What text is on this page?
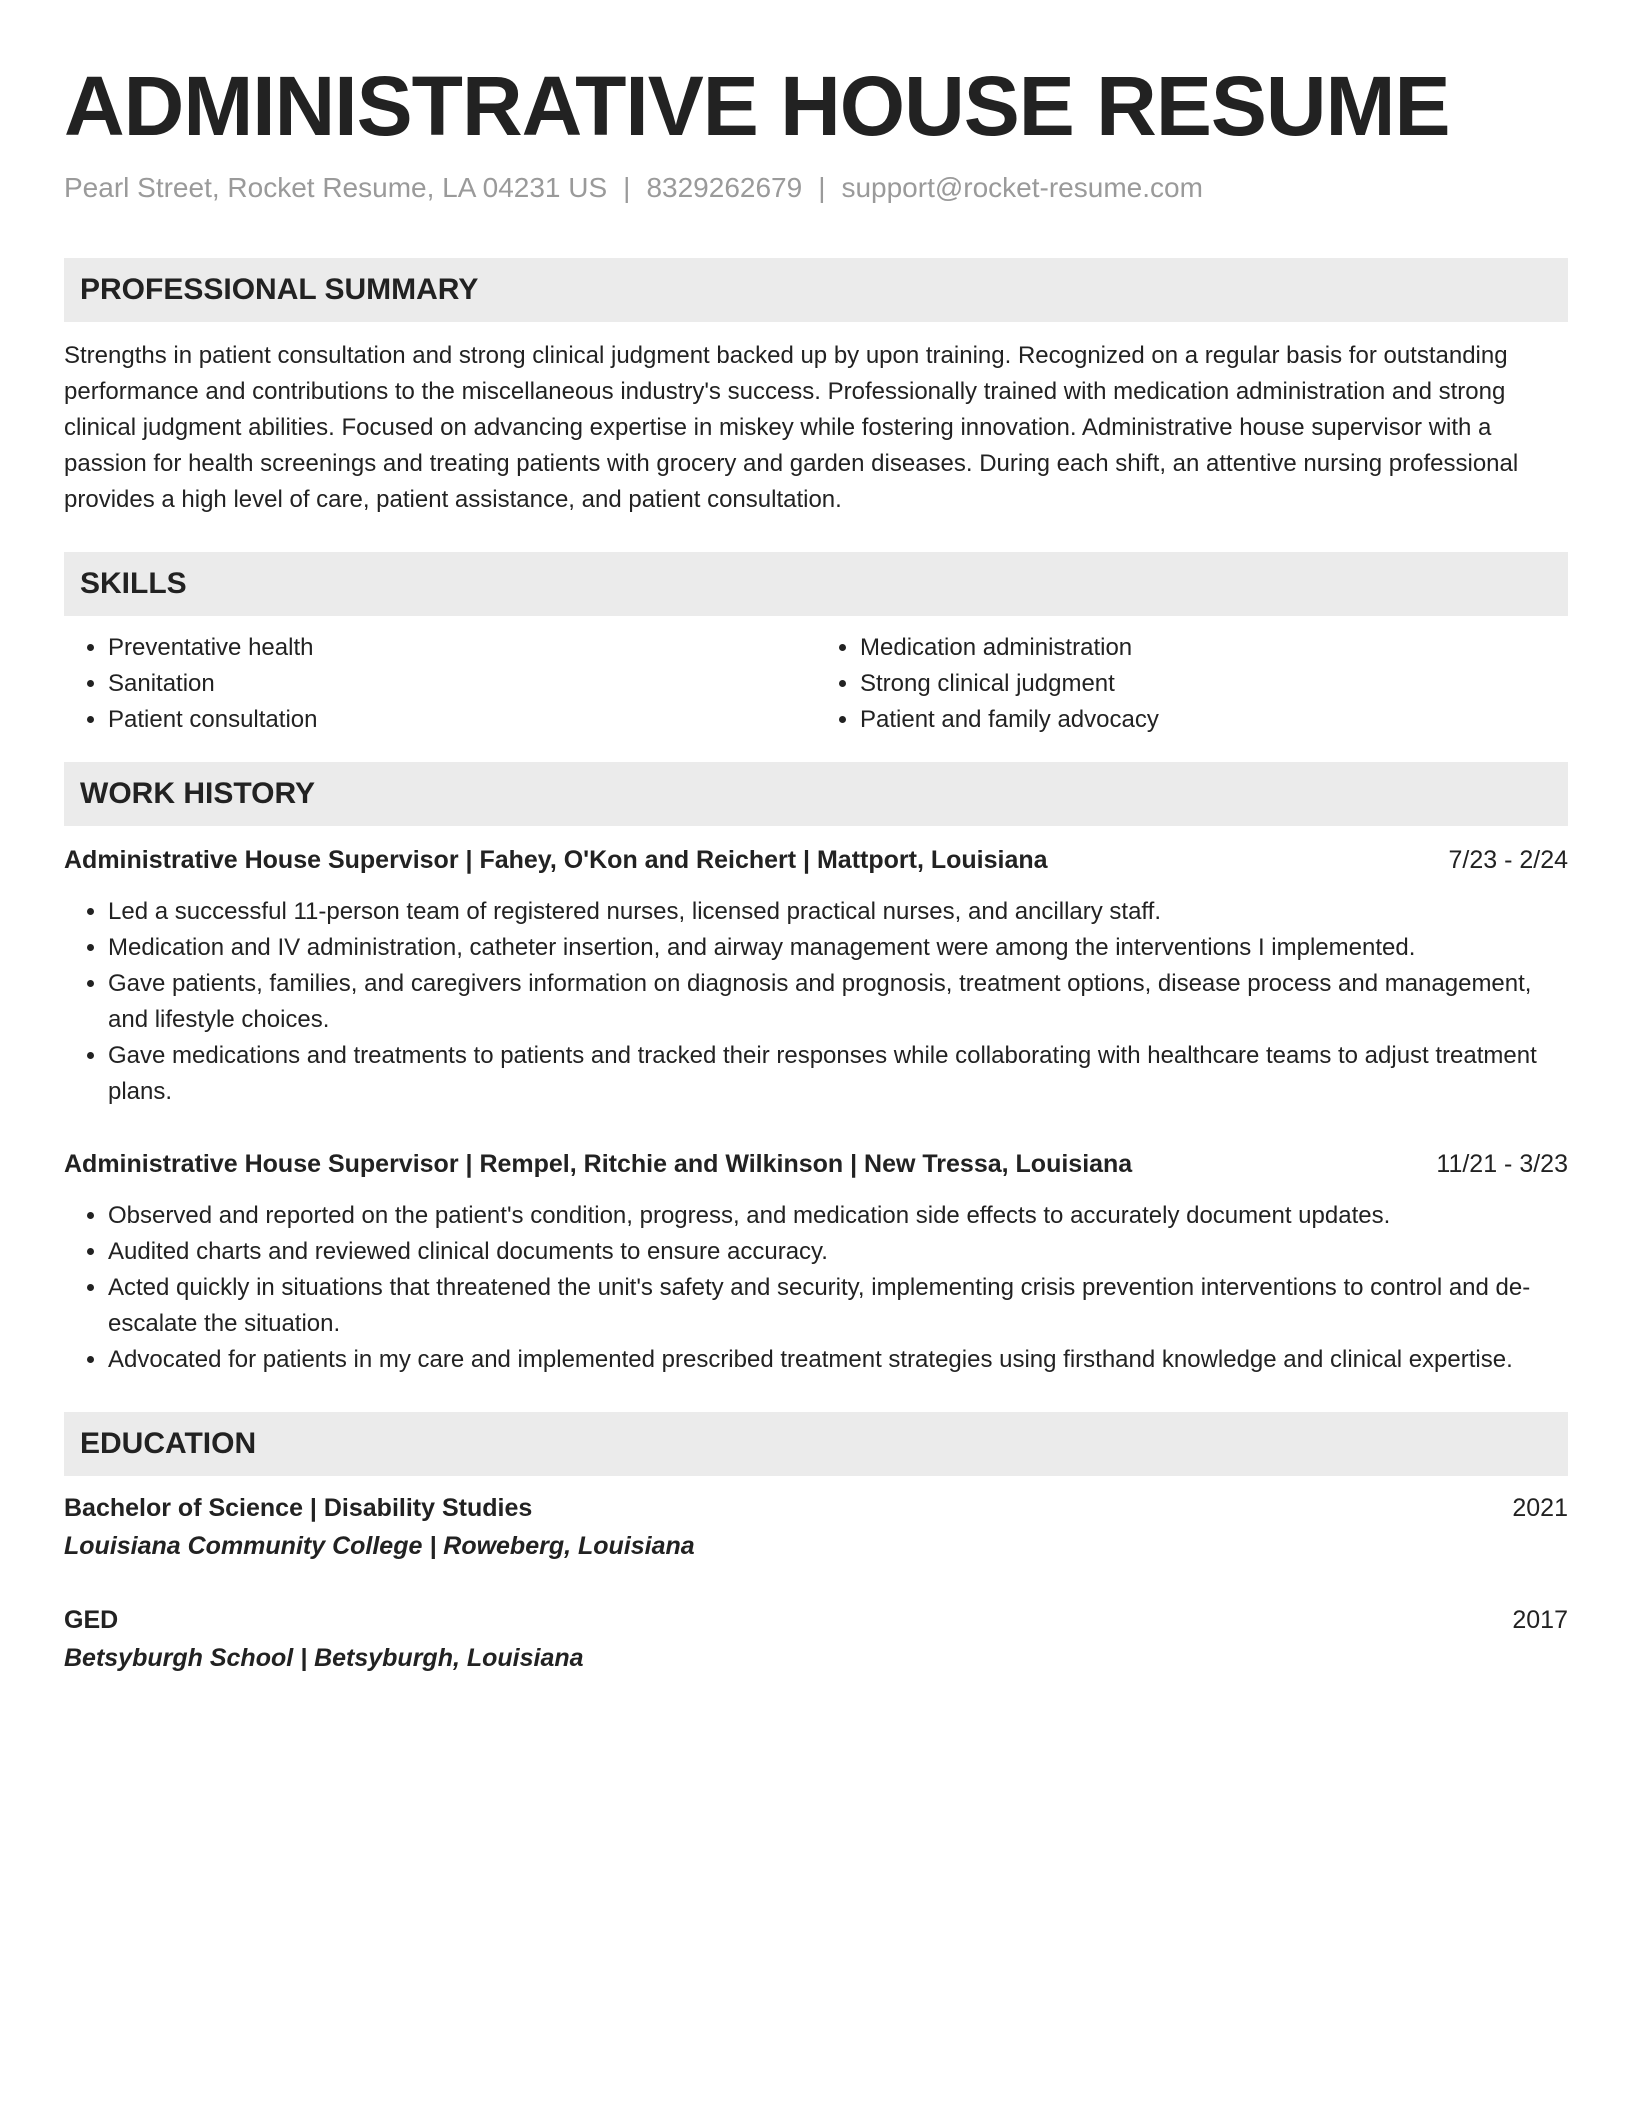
ADMINISTRATIVE HOUSE RESUME
Pearl Street, Rocket Resume, LA 04231 US | 8329262679 | support@rocket-resume.com
PROFESSIONAL SUMMARY

Strengths in patient consultation and strong clinical judgment backed up by upon training. Recognized on a regular basis for outstanding performance and contributions to the miscellaneous industry's success. Professionally trained with medication administration and strong clinical judgment abilities. Focused on advancing expertise in miskey while fostering innovation. Administrative house supervisor with a passion for health screenings and treating patients with grocery and garden diseases. During each shift, an attentive nursing professional provides a high level of care, patient assistance, and patient consultation.

SKILLS
• Preventative health
• Sanitation
• Patient consultation
• Medication administration
• Strong clinical judgment
• Patient and family advocacy
WORK HISTORY
Administrative House Supervisor | Fahey, O'Kon and Reichert | Mattport, Louisiana	7/23 - 2/24
• Led a successful 11-person team of registered nurses, licensed practical nurses, and ancillary staff.
• Medication and IV administration, catheter insertion, and airway management were among the interventions I implemented.
• Gave patients, families, and caregivers information on diagnosis and prognosis, treatment options, disease process and management, and lifestyle choices.
• Gave medications and treatments to patients and tracked their responses while collaborating with healthcare teams to adjust treatment plans.
Administrative House Supervisor | Rempel, Ritchie and Wilkinson | New Tressa, Louisiana	11/21 - 3/23
• Observed and reported on the patient's condition, progress, and medication side effects to accurately document updates.
• Audited charts and reviewed clinical documents to ensure accuracy.
• Acted quickly in situations that threatened the unit's safety and security, implementing crisis prevention interventions to control and de-escalate the situation.
• Advocated for patients in my care and implemented prescribed treatment strategies using firsthand knowledge and clinical expertise.
EDUCATION
Bachelor of Science | Disability Studies	2021
Louisiana Community College | Roweberg, Louisiana
GED	2017
Betsyburgh School | Betsyburgh, Louisiana
